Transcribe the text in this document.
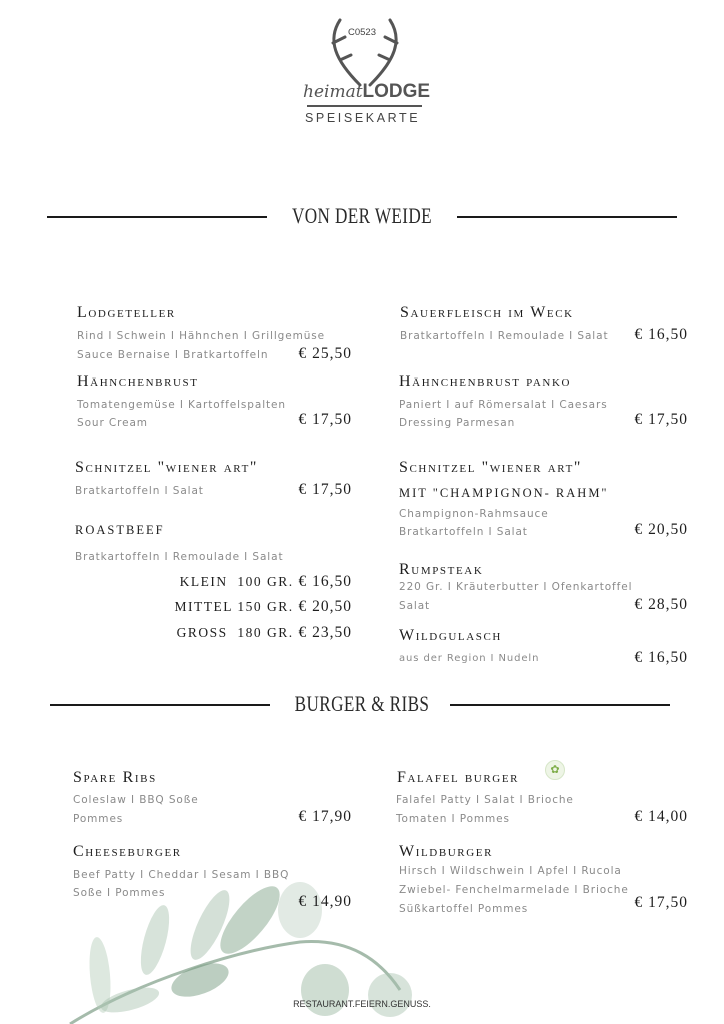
C0523
heimatLODGE
SPEISEKARTE
VON DER WEIDE
Lodgeteller
Rind I Schwein I Hähnchen I Grillgemüse
Sauce Bernaise I Bratkartoffeln € 25,50
Hähnchenbrust
Tomatengemüse I Kartoffelspalten
Sour Cream	€ 17,50
Schnitzel "wiener art"
Bratkartoffeln I Salat	€ 17,50
ROASTBEEF
Bratkartoffeln I Remoulade I Salat
KLEIN  100 GR. € 16,50
MITTEL 150 GR. € 20,50
GROSS  180 GR. € 23,50
Sauerfleisch im Weck
Bratkartoffeln I Remoulade I Salat € 16,50
Hähnchenbrust panko
Paniert I auf Römersalat I Caesars
Dressing Parmesan	€ 17,50
Schnitzel "wiener art"
MIT "CHAMPIGNON- RAHM"
Champignon-Rahmsauce
Bratkartoffeln I Salat	€ 20,50
Rumpsteak
220 Gr. I Kräuterbutter I Ofenkartoffel
Salat	€ 28,50
Wildgulasch
aus der Region I Nudeln	€ 16,50
BURGER & RIBS
Spare Ribs
Coleslaw I BBQ Soße
Pommes	€ 17,90
Cheeseburger
Beef Patty I Cheddar I Sesam I BBQ
Soße I Pommes	€ 14,90
Falafel burger	✿
Falafel Patty I Salat I Brioche
Tomaten I Pommes	€ 14,00
Wildburger
Hirsch I Wildschwein I Apfel I Rucola
Zwiebel- Fenchelmarmelade I Brioche
Süßkartoffel Pommes	€ 17,50
RESTAURANT.FEIERN.GENUSS.
